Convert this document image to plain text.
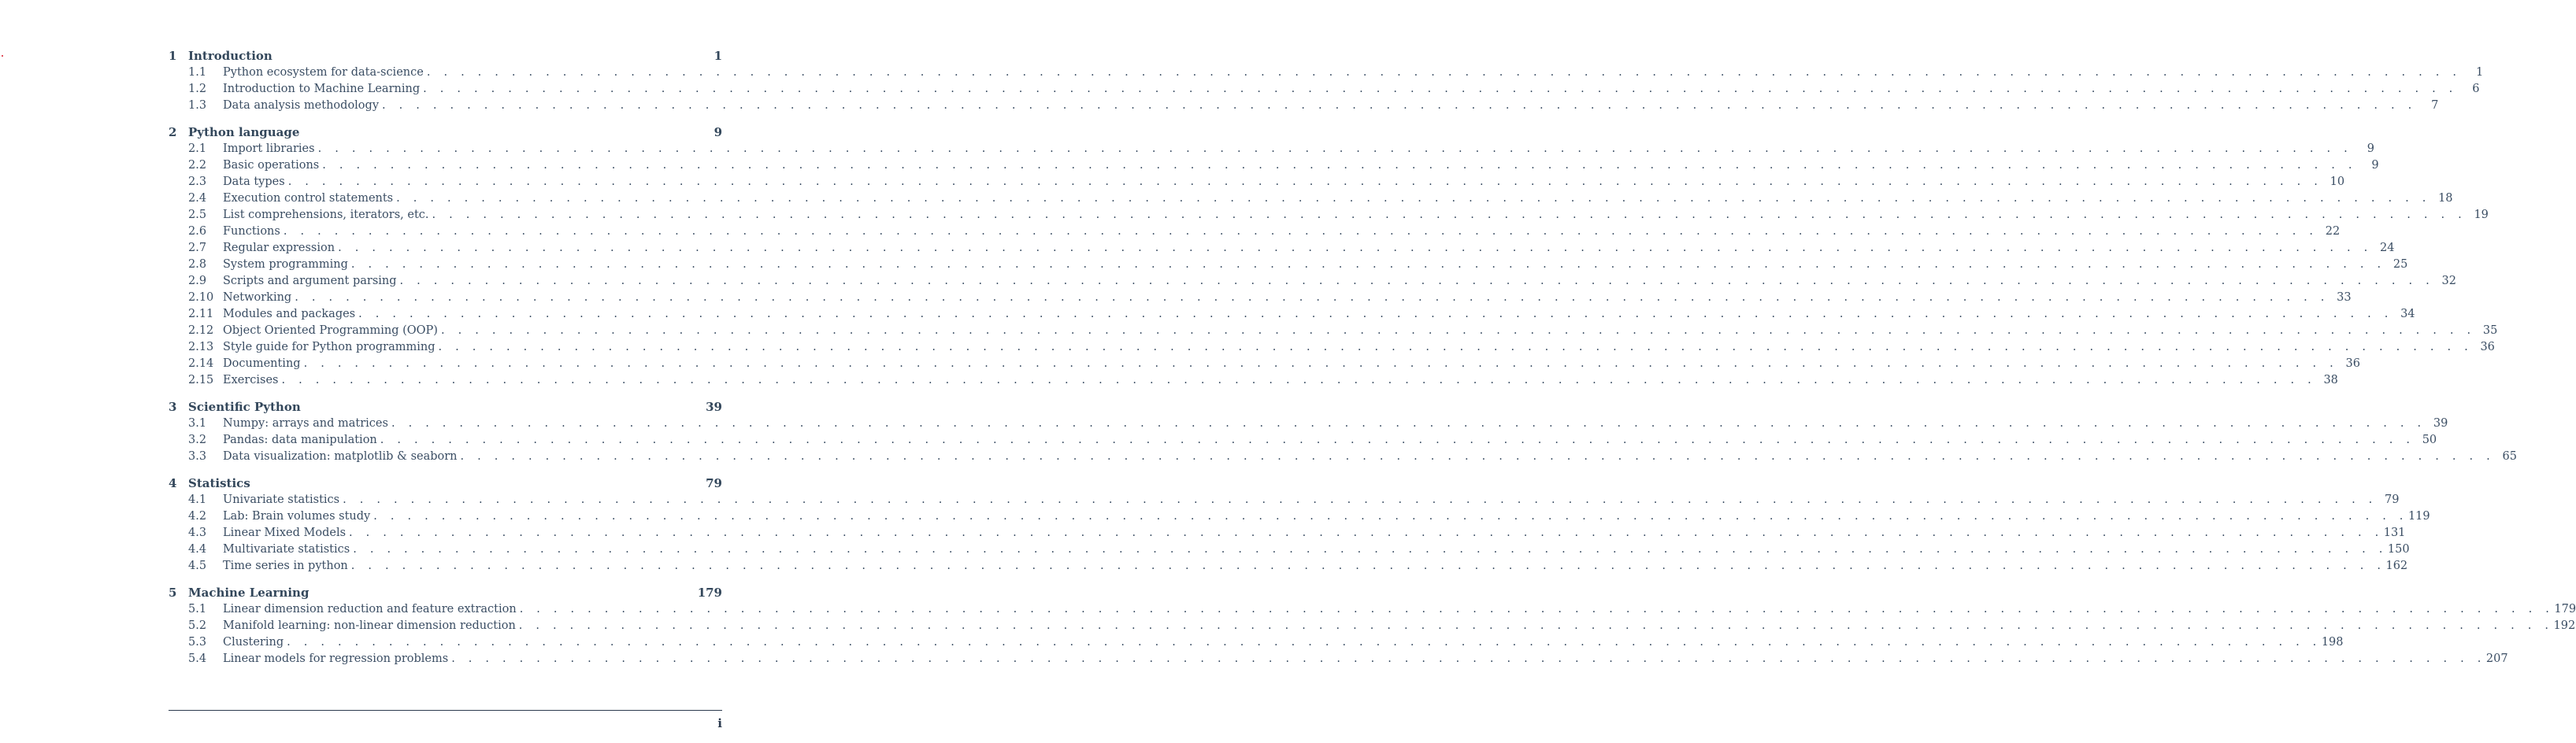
1 Introduction	1
1.1	Python ecosystem for data-science . . . . . . . . . . . . . . . . . . . . . . . . . . . . . . . . . . . . . . . . . . . . . . . . . . . . . . . . . . . . . . . . . . . . . . . . . . . . . . . . . . . . . . . . . . . . . . . . . . . . . . . . . . . . . . . . . . . . . . . .	1
1.2	Introduction to Machine Learning . . . . . . . . . . . . . . . . . . . . . . . . . . . . . . . . . . . . . . . . . . . . . . . . . . . . . . . . . . . . . . . . . . . . . . . . . . . . . . . . . . . . . . . . . . . . . . . . . . . . . . . . . . . . . . . . . . . . . . . .	6
1.3	Data analysis methodology . . . . . . . . . . . . . . . . . . . . . . . . . . . . . . . . . . . . . . . . . . . . . . . . . . . . . . . . . . . . . . . . . . . . . . . . . . . . . . . . . . . . . . . . . . . . . . . . . . . . . . . . . . . . . . . . . . . . . . . .	7
2 Python language	9
2.1	Import libraries . . . . . . . . . . . . . . . . . . . . . . . . . . . . . . . . . . . . . . . . . . . . . . . . . . . . . . . . . . . . . . . . . . . . . . . . . . . . . . . . . . . . . . . . . . . . . . . . . . . . . . . . . . . . . . . . . . . . . . . .	9
2.2	Basic operations . . . . . . . . . . . . . . . . . . . . . . . . . . . . . . . . . . . . . . . . . . . . . . . . . . . . . . . . . . . . . . . . . . . . . . . . . . . . . . . . . . . . . . . . . . . . . . . . . . . . . . . . . . . . . . . . . . . . . . . .	9
2.3	Data types . . . . . . . . . . . . . . . . . . . . . . . . . . . . . . . . . . . . . . . . . . . . . . . . . . . . . . . . . . . . . . . . . . . . . . . . . . . . . . . . . . . . . . . . . . . . . . . . . . . . . . . . . . . . . . . . . . . . . . . . 10
2.4	Execution control statements . . . . . . . . . . . . . . . . . . . . . . . . . . . . . . . . . . . . . . . . . . . . . . . . . . . . . . . . . . . . . . . . . . . . . . . . . . . . . . . . . . . . . . . . . . . . . . . . . . . . . . . . . . . . . . . . . . . . . . . . 18
2.5	List comprehensions, iterators, etc. . . . . . . . . . . . . . . . . . . . . . . . . . . . . . . . . . . . . . . . . . . . . . . . . . . . . . . . . . . . . . . . . . . . . . . . . . . . . . . . . . . . . . . . . . . . . . . . . . . . . . . . . . . . . . . . . . . . . . . . . 19
2.6	Functions . . . . . . . . . . . . . . . . . . . . . . . . . . . . . . . . . . . . . . . . . . . . . . . . . . . . . . . . . . . . . . . . . . . . . . . . . . . . . . . . . . . . . . . . . . . . . . . . . . . . . . . . . . . . . . . . . . . . . . . . 22
2.7	Regular expression . . . . . . . . . . . . . . . . . . . . . . . . . . . . . . . . . . . . . . . . . . . . . . . . . . . . . . . . . . . . . . . . . . . . . . . . . . . . . . . . . . . . . . . . . . . . . . . . . . . . . . . . . . . . . . . . . . . . . . . . 24
2.8	System programming . . . . . . . . . . . . . . . . . . . . . . . . . . . . . . . . . . . . . . . . . . . . . . . . . . . . . . . . . . . . . . . . . . . . . . . . . . . . . . . . . . . . . . . . . . . . . . . . . . . . . . . . . . . . . . . . . . . . . . . . 25
2.9	Scripts and argument parsing . . . . . . . . . . . . . . . . . . . . . . . . . . . . . . . . . . . . . . . . . . . . . . . . . . . . . . . . . . . . . . . . . . . . . . . . . . . . . . . . . . . . . . . . . . . . . . . . . . . . . . . . . . . . . . . . . . . . . . . . 32
2.10 Networking . . . . . . . . . . . . . . . . . . . . . . . . . . . . . . . . . . . . . . . . . . . . . . . . . . . . . . . . . . . . . . . . . . . . . . . . . . . . . . . . . . . . . . . . . . . . . . . . . . . . . . . . . . . . . . . . . . . . . . . . 33
2.11 Modules and packages . . . . . . . . . . . . . . . . . . . . . . . . . . . . . . . . . . . . . . . . . . . . . . . . . . . . . . . . . . . . . . . . . . . . . . . . . . . . . . . . . . . . . . . . . . . . . . . . . . . . . . . . . . . . . . . . . . . . . . . . 34
2.12 Object Oriented Programming (OOP) . . . . . . . . . . . . . . . . . . . . . . . . . . . . . . . . . . . . . . . . . . . . . . . . . . . . . . . . . . . . . . . . . . . . . . . . . . . . . . . . . . . . . . . . . . . . . . . . . . . . . . . . . . . . . . . . . . . . . . . . 35
2.13 Style guide for Python programming . . . . . . . . . . . . . . . . . . . . . . . . . . . . . . . . . . . . . . . . . . . . . . . . . . . . . . . . . . . . . . . . . . . . . . . . . . . . . . . . . . . . . . . . . . . . . . . . . . . . . . . . . . . . . . . . . . . . . . . . 36
2.14 Documenting . . . . . . . . . . . . . . . . . . . . . . . . . . . . . . . . . . . . . . . . . . . . . . . . . . . . . . . . . . . . . . . . . . . . . . . . . . . . . . . . . . . . . . . . . . . . . . . . . . . . . . . . . . . . . . . . . . . . . . . . 36
2.15 Exercises . . . . . . . . . . . . . . . . . . . . . . . . . . . . . . . . . . . . . . . . . . . . . . . . . . . . . . . . . . . . . . . . . . . . . . . . . . . . . . . . . . . . . . . . . . . . . . . . . . . . . . . . . . . . . . . . . . . . . . . . 38
3 Scientific Python	39
3.1	Numpy: arrays and matrices . . . . . . . . . . . . . . . . . . . . . . . . . . . . . . . . . . . . . . . . . . . . . . . . . . . . . . . . . . . . . . . . . . . . . . . . . . . . . . . . . . . . . . . . . . . . . . . . . . . . . . . . . . . . . . . . . . . . . . . . 39
3.2	Pandas: data manipulation . . . . . . . . . . . . . . . . . . . . . . . . . . . . . . . . . . . . . . . . . . . . . . . . . . . . . . . . . . . . . . . . . . . . . . . . . . . . . . . . . . . . . . . . . . . . . . . . . . . . . . . . . . . . . . . . . . . . . . . . 50
3.3	Data visualization: matplotlib & seaborn . . . . . . . . . . . . . . . . . . . . . . . . . . . . . . . . . . . . . . . . . . . . . . . . . . . . . . . . . . . . . . . . . . . . . . . . . . . . . . . . . . . . . . . . . . . . . . . . . . . . . . . . . . . . . . . . . . . . . . . . 65
4 Statistics	79
4.1	Univariate statistics . . . . . . . . . . . . . . . . . . . . . . . . . . . . . . . . . . . . . . . . . . . . . . . . . . . . . . . . . . . . . . . . . . . . . . . . . . . . . . . . . . . . . . . . . . . . . . . . . . . . . . . . . . . . . . . . . . . . . . . . 79
4.2	Lab: Brain volumes study . . . . . . . . . . . . . . . . . . . . . . . . . . . . . . . . . . . . . . . . . . . . . . . . . . . . . . . . . . . . . . . . . . . . . . . . . . . . . . . . . . . . . . . . . . . . . . . . . . . . . . . . . . . . . . . . . . . . . . . . 119
4.3	Linear Mixed Models . . . . . . . . . . . . . . . . . . . . . . . . . . . . . . . . . . . . . . . . . . . . . . . . . . . . . . . . . . . . . . . . . . . . . . . . . . . . . . . . . . . . . . . . . . . . . . . . . . . . . . . . . . . . . . . . . . . . . . . . 131
4.4	Multivariate statistics . . . . . . . . . . . . . . . . . . . . . . . . . . . . . . . . . . . . . . . . . . . . . . . . . . . . . . . . . . . . . . . . . . . . . . . . . . . . . . . . . . . . . . . . . . . . . . . . . . . . . . . . . . . . . . . . . . . . . . . . 150
4.5	Time series in python . . . . . . . . . . . . . . . . . . . . . . . . . . . . . . . . . . . . . . . . . . . . . . . . . . . . . . . . . . . . . . . . . . . . . . . . . . . . . . . . . . . . . . . . . . . . . . . . . . . . . . . . . . . . . . . . . . . . . . . . 162
5 Machine Learning	179
5.1	Linear dimension reduction and feature extraction . . . . . . . . . . . . . . . . . . . . . . . . . . . . . . . . . . . . . . . . . . . . . . . . . . . . . . . . . . . . . . . . . . . . . . . . . . . . . . . . . . . . . . . . . . . . . . . . . . . . . . . . . . . . . . . . . . . . . . . . 179
5.2	Manifold learning: non-linear dimension reduction . . . . . . . . . . . . . . . . . . . . . . . . . . . . . . . . . . . . . . . . . . . . . . . . . . . . . . . . . . . . . . . . . . . . . . . . . . . . . . . . . . . . . . . . . . . . . . . . . . . . . . . . . . . . . . . . . . . . . . . . 192
5.3	Clustering . . . . . . . . . . . . . . . . . . . . . . . . . . . . . . . . . . . . . . . . . . . . . . . . . . . . . . . . . . . . . . . . . . . . . . . . . . . . . . . . . . . . . . . . . . . . . . . . . . . . . . . . . . . . . . . . . . . . . . . . 198
5.4	Linear models for regression problems . . . . . . . . . . . . . . . . . . . . . . . . . . . . . . . . . . . . . . . . . . . . . . . . . . . . . . . . . . . . . . . . . . . . . . . . . . . . . . . . . . . . . . . . . . . . . . . . . . . . . . . . . . . . . . . . . . . . . . . . 207
i
